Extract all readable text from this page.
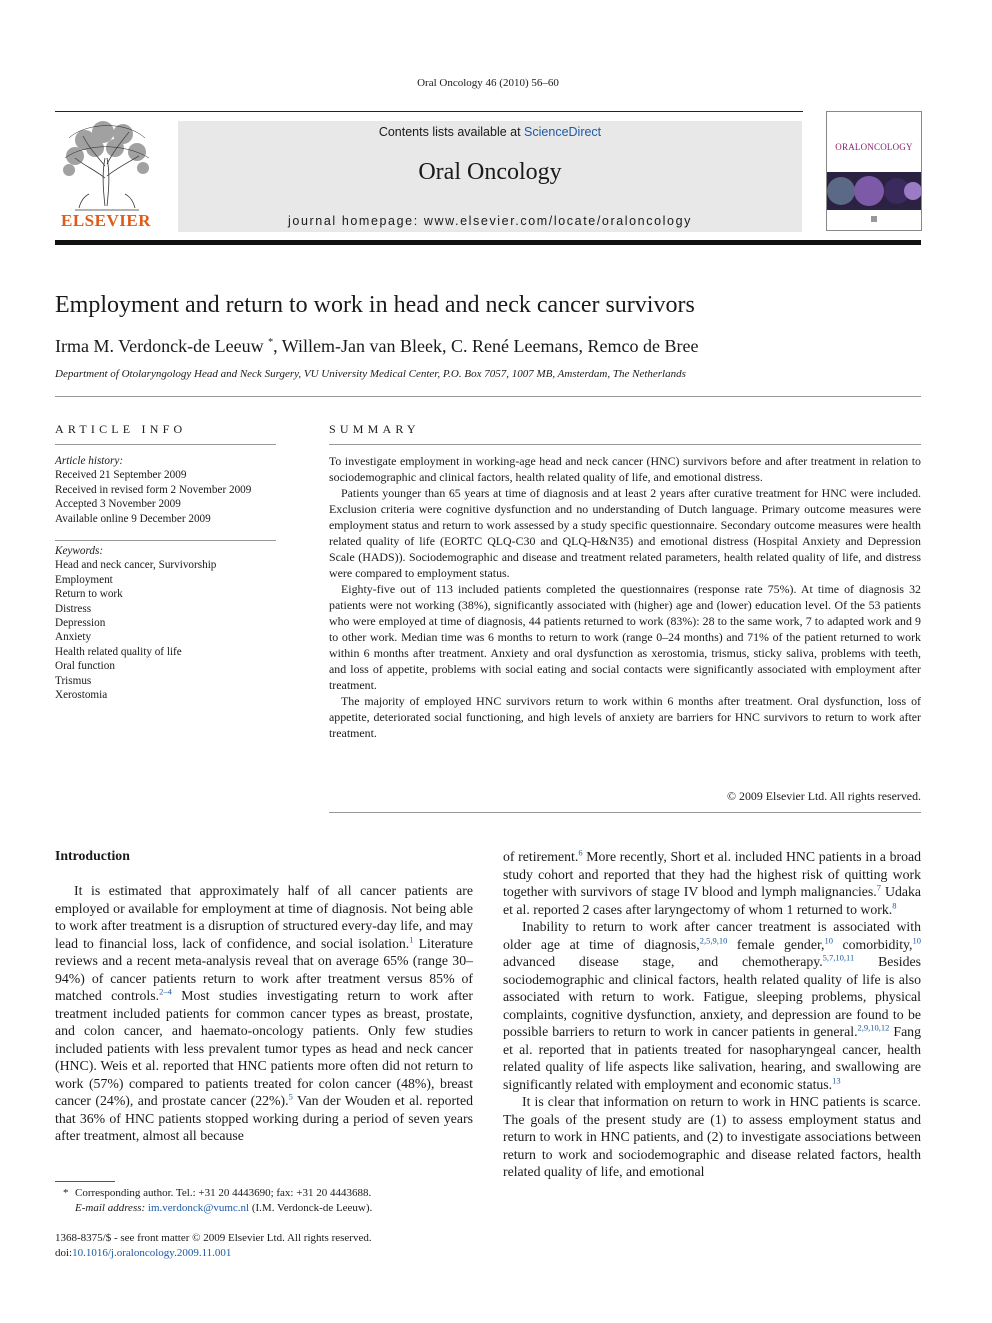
Oral Oncology 46 (2010) 56–60
ELSEVIER
Contents lists available at ScienceDirect
Oral Oncology
journal homepage: www.elsevier.com/locate/oraloncology
ORALONCOLOGY
Employment and return to work in head and neck cancer survivors
Irma M. Verdonck-de Leeuw *, Willem-Jan van Bleek, C. René Leemans, Remco de Bree
Department of Otolaryngology Head and Neck Surgery, VU University Medical Center, P.O. Box 7057, 1007 MB, Amsterdam, The Netherlands
ARTICLE INFO
Article history:
Received 21 September 2009
Received in revised form 2 November 2009
Accepted 3 November 2009
Available online 9 December 2009
Keywords:
Head and neck cancer, Survivorship
Employment
Return to work
Distress
Depression
Anxiety
Health related quality of life
Oral function
Trismus
Xerostomia
SUMMARY

To investigate employment in working-age head and neck cancer (HNC) survivors before and after treatment in relation to sociodemographic and clinical factors, health related quality of life, and emotional distress.

Patients younger than 65 years at time of diagnosis and at least 2 years after curative treatment for HNC were included. Exclusion criteria were cognitive dysfunction and no understanding of Dutch language. Primary outcome measures were employment status and return to work assessed by a study specific questionnaire. Secondary outcome measures were health related quality of life (EORTC QLQ-C30 and QLQ-H&N35) and emotional distress (Hospital Anxiety and Depression Scale (HADS)). Sociodemographic and disease and treatment related parameters, health related quality of life, and distress were compared to employment status.

Eighty-five out of 113 included patients completed the questionnaires (response rate 75%). At time of diagnosis 32 patients were not working (38%), significantly associated with (higher) age and (lower) education level. Of the 53 patients who were employed at time of diagnosis, 44 patients returned to work (83%): 28 to the same work, 7 to adapted work and 9 to other work. Median time was 6 months to return to work (range 0–24 months) and 71% of the patient returned to work within 6 months after treatment. Anxiety and oral dysfunction as xerostomia, trismus, sticky saliva, problems with teeth, and loss of appetite, problems with social eating and social contacts were significantly associated with employment after treatment.

The majority of employed HNC survivors return to work within 6 months after treatment. Oral dysfunction, loss of appetite, deteriorated social functioning, and high levels of anxiety are barriers for HNC survivors to return to work after treatment.

© 2009 Elsevier Ltd. All rights reserved.
Introduction

It is estimated that approximately half of all cancer patients are employed or available for employment at time of diagnosis. Not being able to work after treatment is a disruption of structured every-day life, and may lead to financial loss, lack of confidence, and social isolation.$^1$ Literature reviews and a recent meta-analysis reveal that on average 65% (range 30–94%) of cancer patients return to work after treatment versus 85% of matched controls.$^{2-4}$ Most studies investigating return to work after treatment included patients for common cancer types as breast, prostate, and colon cancer, and haemato-oncology patients. Only few studies included patients with less prevalent tumor types as head and neck cancer (HNC). Weis et al. reported that HNC patients more often did not return to work (57%) compared to patients treated for colon cancer (48%), breast cancer (24%), and prostate cancer (22%).$^5$ Van der Wouden et al. reported that 36% of HNC patients stopped working during a period of seven years after treatment, almost all because

of retirement.$^6$ More recently, Short et al. included HNC patients in a broad study cohort and reported that they had the highest risk of quitting work together with survivors of stage IV blood and lymph malignancies.$^7$ Udaka et al. reported 2 cases after laryngectomy of whom 1 returned to work.$^8$

Inability to return to work after cancer treatment is associated with older age at time of diagnosis,$^{2,5,9,10}$ female gender,$^{10}$ comorbidity,$^{10}$ advanced disease stage, and chemotherapy.$^{5,7,10,11}$ Besides sociodemographic and clinical factors, health related quality of life is also associated with return to work. Fatigue, sleeping problems, physical complaints, cognitive dysfunction, anxiety, and depression are found to be possible barriers to return to work in cancer patients in general.$^{2,9,10,12}$ Fang et al. reported that in patients treated for nasopharyngeal cancer, health related quality of life aspects like salivation, hearing, and swallowing are significantly related with employment and economic status.$^{13}$

It is clear that information on return to work in HNC patients is scarce. The goals of the present study are (1) to assess employment status and return to work in HNC patients, and (2) to investigate associations between return to work and sociodemographic and disease related factors, health related quality of life, and emotional

* Corresponding author. Tel.: +31 20 4443690; fax: +31 20 4443688.
E-mail address: im.verdonck@vumc.nl (I.M. Verdonck-de Leeuw).
1368-8375/$ - see front matter © 2009 Elsevier Ltd. All rights reserved.
doi:10.1016/j.oraloncology.2009.11.001
